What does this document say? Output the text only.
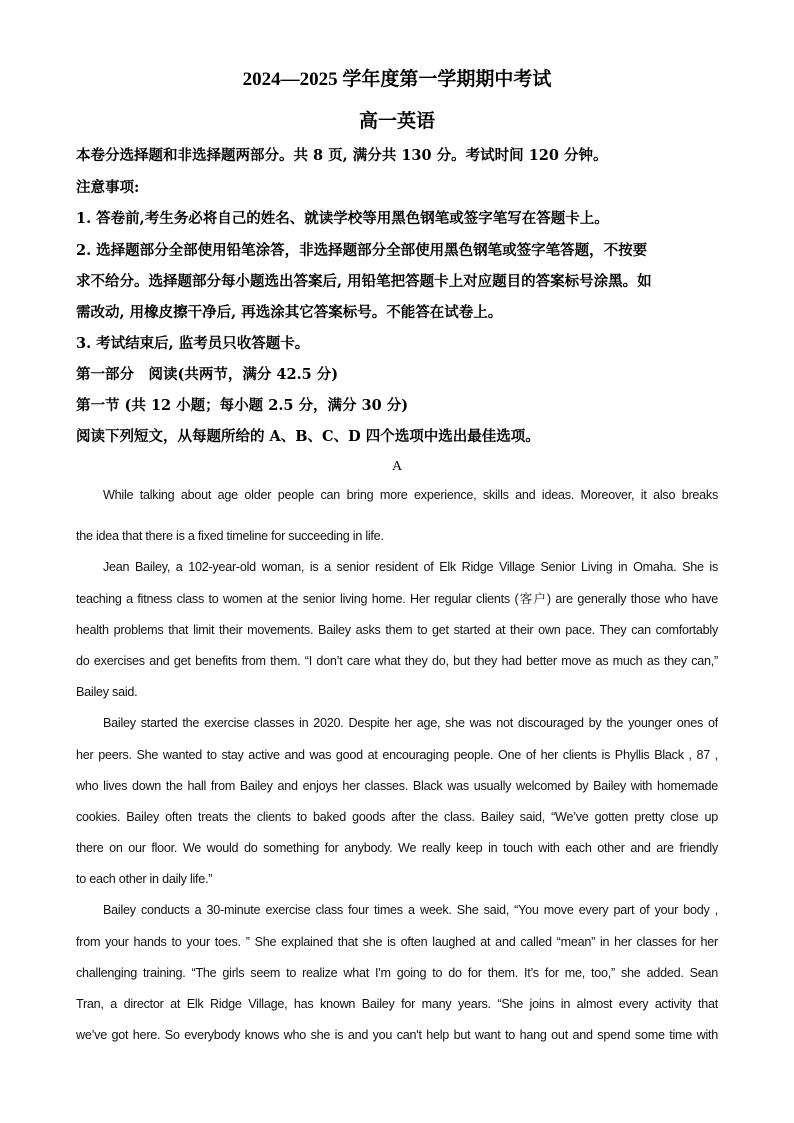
2024—2025 学年度第一学期期中考试
高一英语
本卷分选择题和非选择题两部分。共 8 页, 满分共 130 分。考试时间 120 分钟。
注意事项:
1. 答卷前,考生务必将自己的姓名、就读学校等用黑色钢笔或签字笔写在答题卡上。
2. 选择题部分全部使用铅笔涂答，非选择题部分全部使用黑色钢笔或签字笔答题，不按要
求不给分。选择题部分每小题选出答案后, 用铅笔把答题卡上对应题目的答案标号涂黑。如
需改动, 用橡皮擦干净后, 再选涂其它答案标号。不能答在试卷上。
3. 考试结束后, 监考员只收答题卡。
第一部分　阅读(共两节，满分 42.5 分)
第一节 (共 12 小题；每小题 2.5 分，满分 30 分)
阅读下列短文，从每题所给的 A、B、C、D 四个选项中选出最佳选项。
A
While talking about age older people can bring more experience, skills and ideas. Moreover, it also breaks
the idea that there is a fixed timeline for succeeding in life.
Jean Bailey, a 102-year-old woman, is a senior resident of Elk Ridge Village Senior Living in Omaha. She is
teaching a fitness class to women at the senior living home. Her regular clients (客户) are generally those who have
health problems that limit their movements. Bailey asks them to get started at their own pace. They can comfortably
do exercises and get benefits from them. “I don’t care what they do, but they had better move as much as they can,”
Bailey said.
Bailey started the exercise classes in 2020. Despite her age, she was not discouraged by the younger ones of
her peers. She wanted to stay active and was good at encouraging people. One of her clients is Phyllis Black , 87 ,
who lives down the hall from Bailey and enjoys her classes. Black was usually welcomed by Bailey with homemade
cookies. Bailey often treats the clients to baked goods after the class. Bailey said, “We’ve gotten pretty close up
there on our floor. We would do something for anybody. We really keep in touch with each other and are friendly
to each other in daily life.”
Bailey conducts a 30-minute exercise class four times a week. She said, “You move every part of your body ,
from your hands to your toes. ” She explained that she is often laughed at and called “mean” in her classes for her
challenging training. “The girls seem to realize what I'm going to do for them. It’s for me, too,” she added. Sean
Tran, a director at Elk Ridge Village, has known Bailey for many years. “She joins in almost every activity that
we’ve got here. So everybody knows who she is and you can't help but want to hang out and spend some time with
